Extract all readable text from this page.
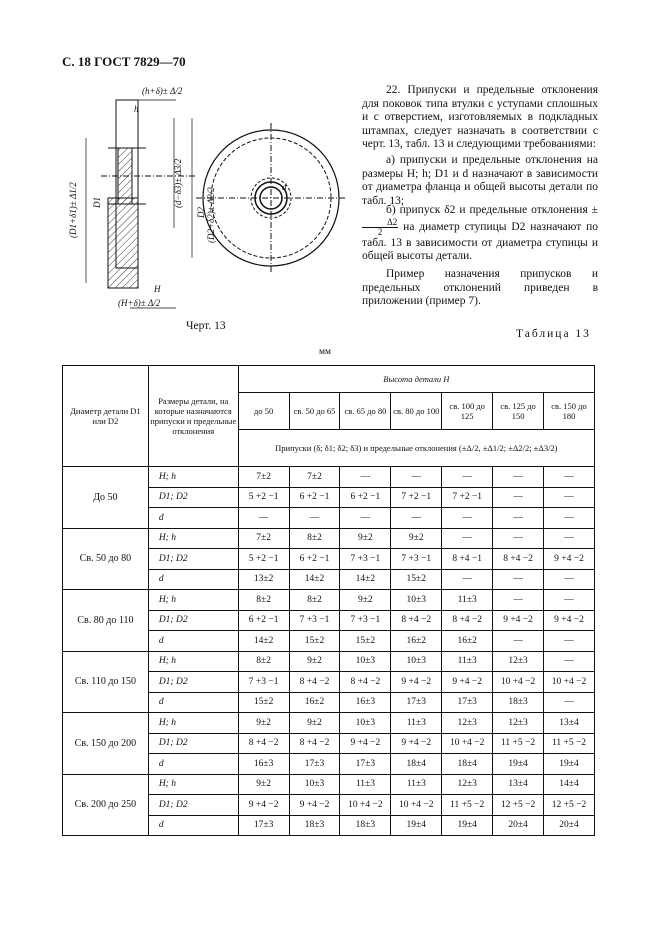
С. 18 ГОСТ 7829—70
(h+δ)± Δ/2
h
(D1+δ1)± Δ1/2 D1	(d−δ3)± Δ3/2
D2 (D2+δ2)± Δ2/2
H
(H+δ)± Δ/2
d
Черт. 13
22. Припуски и предельные отклонения для поковок типа втулки с уступами сплошных и с отверстием, изготовляемых в подкладных штампах, следует назначать в соответствии с черт. 13, табл. 13 и следующими требованиями:
а) припуски и предельные отклонения на размеры H; h; D1 и d назначают в зависимости от диаметра фланца и общей высоты детали по табл. 13;
б) припуск δ2 и предельные отклонения ±
$\frac{\Delta 2}{2}$ на диаметр ступицы D2 назначают по табл. 13 в зависимости от диаметра ступицы и общей высоты детали.
Пример назначения припусков и предельных отклонений приведен в приложении (пример 7).
Таблица 13
мм
Диаметр детали D1 или D2	Размеры детали, на которые назначаются припуски и предельные отклонения	Высота детали H						
		до 50	св. 50 до 65	св. 65 до 80	св. 80 до 100	св. 100 до 125	св. 125 до 150	св. 150 до 180
		Припуски (δ; δ1; δ2; δ3) и предельные отклонения (±Δ/2, ±Δ1/2; ±Δ2/2; ±Δ3/2)						
До 50	H; h	7±2	7±2	—	—	—	—	—
	D1; D2	5 +2 −1	6 +2 −1	6 +2 −1	7 +2 −1	7 +2 −1	—	—
	d	—	—	—	—	—	—	—
Св. 50 до 80	H; h	7±2	8±2	9±2	9±2	—	—	—
	D1; D2	5 +2 −1	6 +2 −1	7 +3 −1	7 +3 −1	8 +4 −1	8 +4 −2	9 +4 −2
	d	13±2	14±2	14±2	15±2	—	—	—
Св. 80 до 110	H; h	8±2	8±2	9±2	10±3	11±3	—	—
	D1; D2	6 +2 −1	7 +3 −1	7 +3 −1	8 +4 −2	8 +4 −2	9 +4 −2	9 +4 −2
	d	14±2	15±2	15±2	16±2	16±2	—	—
Св. 110 до 150	H; h	8±2	9±2	10±3	10±3	11±3	12±3	—
	D1; D2	7 +3 −1	8 +4 −2	8 +4 −2	9 +4 −2	9 +4 −2	10 +4 −2	10 +4 −2
	d	15±2	16±2	16±3	17±3	17±3	18±3	—
Св. 150 до 200	H; h	9±2	9±2	10±3	11±3	12±3	12±3	13±4
	D1; D2	8 +4 −2	8 +4 −2	9 +4 −2	9 +4 −2	10 +4 −2	11 +5 −2	11 +5 −2
	d	16±3	17±3	17±3	18±4	18±4	19±4	19±4
Св. 200 до 250	H; h	9±2	10±3	11±3	11±3	12±3	13±4	14±4
	D1; D2	9 +4 −2	9 +4 −2	10 +4 −2	10 +4 −2	11 +5 −2	12 +5 −2	12 +5 −2
	d	17±3	18±3	18±3	19±4	19±4	20±4	20±4
